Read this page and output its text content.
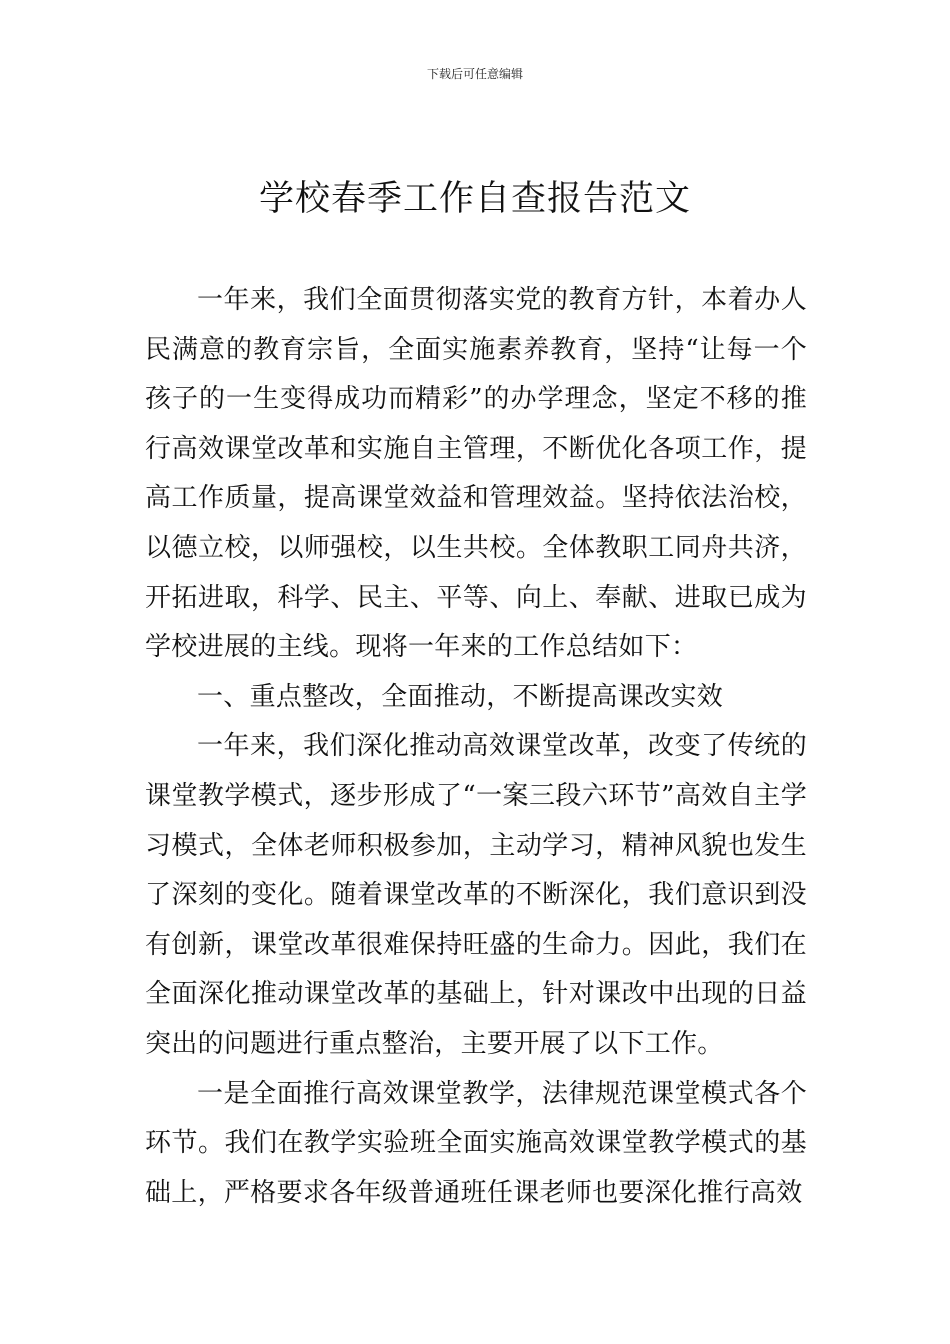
下载后可任意编辑
学校春季工作自查报告范文

一年来，我们全面贯彻落实党的教育方针，本着办人民满意的教育宗旨，全面实施素养教育，坚持“让每一个孩子的一生变得成功而精彩”的办学理念，坚定不移的推行高效课堂改革和实施自主管理，不断优化各项工作，提高工作质量，提高课堂效益和管理效益。坚持依法治校，以德立校，以师强校，以生共校。全体教职工同舟共济，开拓进取，科学、民主、平等、向上、奉献、进取已成为学校进展的主线。现将一年来的工作总结如下：

一、重点整改，全面推动，不断提高课改实效

一年来，我们深化推动高效课堂改革，改变了传统的课堂教学模式，逐步形成了“一案三段六环节”高效自主学习模式，全体老师积极参加，主动学习，精神风貌也发生了深刻的变化。随着课堂改革的不断深化，我们意识到没有创新，课堂改革很难保持旺盛的生命力。因此，我们在全面深化推动课堂改革的基础上，针对课改中出现的日益突出的问题进行重点整治，主要开展了以下工作。

一是全面推行高效课堂教学，法律规范课堂模式各个环节。我们在教学实验班全面实施高效课堂教学模式的基础上，严格要求各年级普通班任课老师也要深化推行高效
